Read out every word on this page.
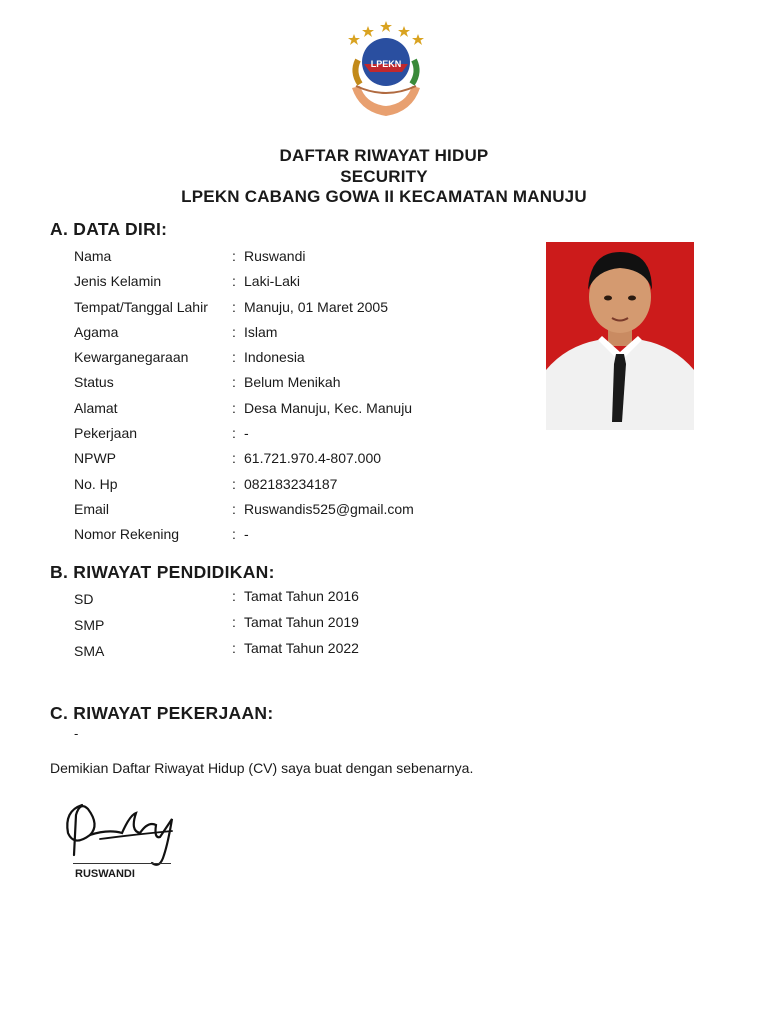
LPEKN
DAFTAR RIWAYAT HIDUP
SECURITY
LPEKN CABANG GOWA II KECAMATAN MANUJU
A. DATA DIRI:
Nama	: Ruswandi
Jenis Kelamin	: Laki-Laki
Tempat/Tanggal Lahir : Manuju, 01 Maret 2005
Agama	: Islam
Kewarganegaraan	: Indonesia
Status	: Belum Menikah
Alamat	: Desa Manuju, Kec. Manuju
Pekerjaan	: -
NPWP	: 61.721.970.4-807.000
No. Hp	: 082183234187
Email	: Ruswandis525@gmail.com
Nomor Rekening	: -
B. RIWAYAT PENDIDIKAN:
SD	: Tamat Tahun 2016
SMP	: Tamat Tahun 2019
SMA	: Tamat Tahun 2022
C. RIWAYAT PEKERJAAN:
-
Demikian Daftar Riwayat Hidup (CV) saya buat dengan sebenarnya.
RUSWANDI
